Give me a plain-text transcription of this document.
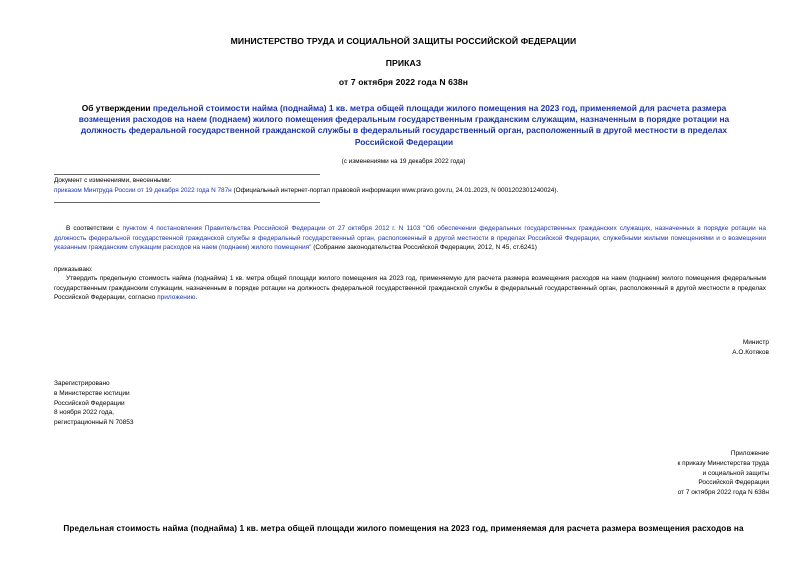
МИНИСТЕРСТВО ТРУДА И СОЦИАЛЬНОЙ ЗАЩИТЫ РОССИЙСКОЙ ФЕДЕРАЦИИ
ПРИКАЗ
от 7 октября 2022 года N 638н
Об утверждении предельной стоимости найма (поднайма) 1 кв. метра общей площади жилого помещения на 2023 год, применяемой для расчета размера возмещения расходов на наем (поднаем) жилого помещения федеральным государственным гражданским служащим, назначенным в порядке ротации на должность федеральной государственной гражданской службы в федеральный государственный орган, расположенный в другой местности в пределах Российской Федерации
(с изменениями на 19 декабря 2022 года)
Документ с изменениями, внесенными:
приказом Минтруда России от 19 декабря 2022 года N 787н (Официальный интернет-портал правовой информации www.pravo.gov.ru, 24.01.2023, N 0001202301240024).
В соответствии с пунктом 4 постановления Правительства Российской Федерации от 27 октября 2012 г. N 1103 "Об обеспечении федеральных государственных гражданских служащих, назначенных в порядке ротации на должность федеральной государственной гражданской службы в федеральный государственный орган, расположенный в другой местности в пределах Российской Федерации, служебными жилыми помещениями и о возмещении указанным гражданским служащим расходов на наем (поднаем) жилого помещения" (Собрание законодательства Российской Федерации, 2012, N 45, ст.6241)
приказываю:
Утвердить предельную стоимость найма (поднайма) 1 кв. метра общей площади жилого помещения на 2023 год, применяемую для расчета размера возмещения расходов на наем (поднаем) жилого помещения федеральным государственным гражданским служащим, назначенным в порядке ротации на должность федеральной государственной гражданской службы в федеральный государственный орган, расположенный в другой местности в пределах Российской Федерации, согласно приложению.
Министр
А.О.Котяков
Зарегистрировано
в Министерстве юстиции
Российской Федерации
8 ноября 2022 года,
регистрационный N 70853
Приложение
к приказу Министерства труда
и социальной защиты
Российской Федерации
от 7 октября 2022 года N 638н
Предельная стоимость найма (поднайма) 1 кв. метра общей площади жилого помещения на 2023 год, применяемая для расчета размера возмещения расходов на
